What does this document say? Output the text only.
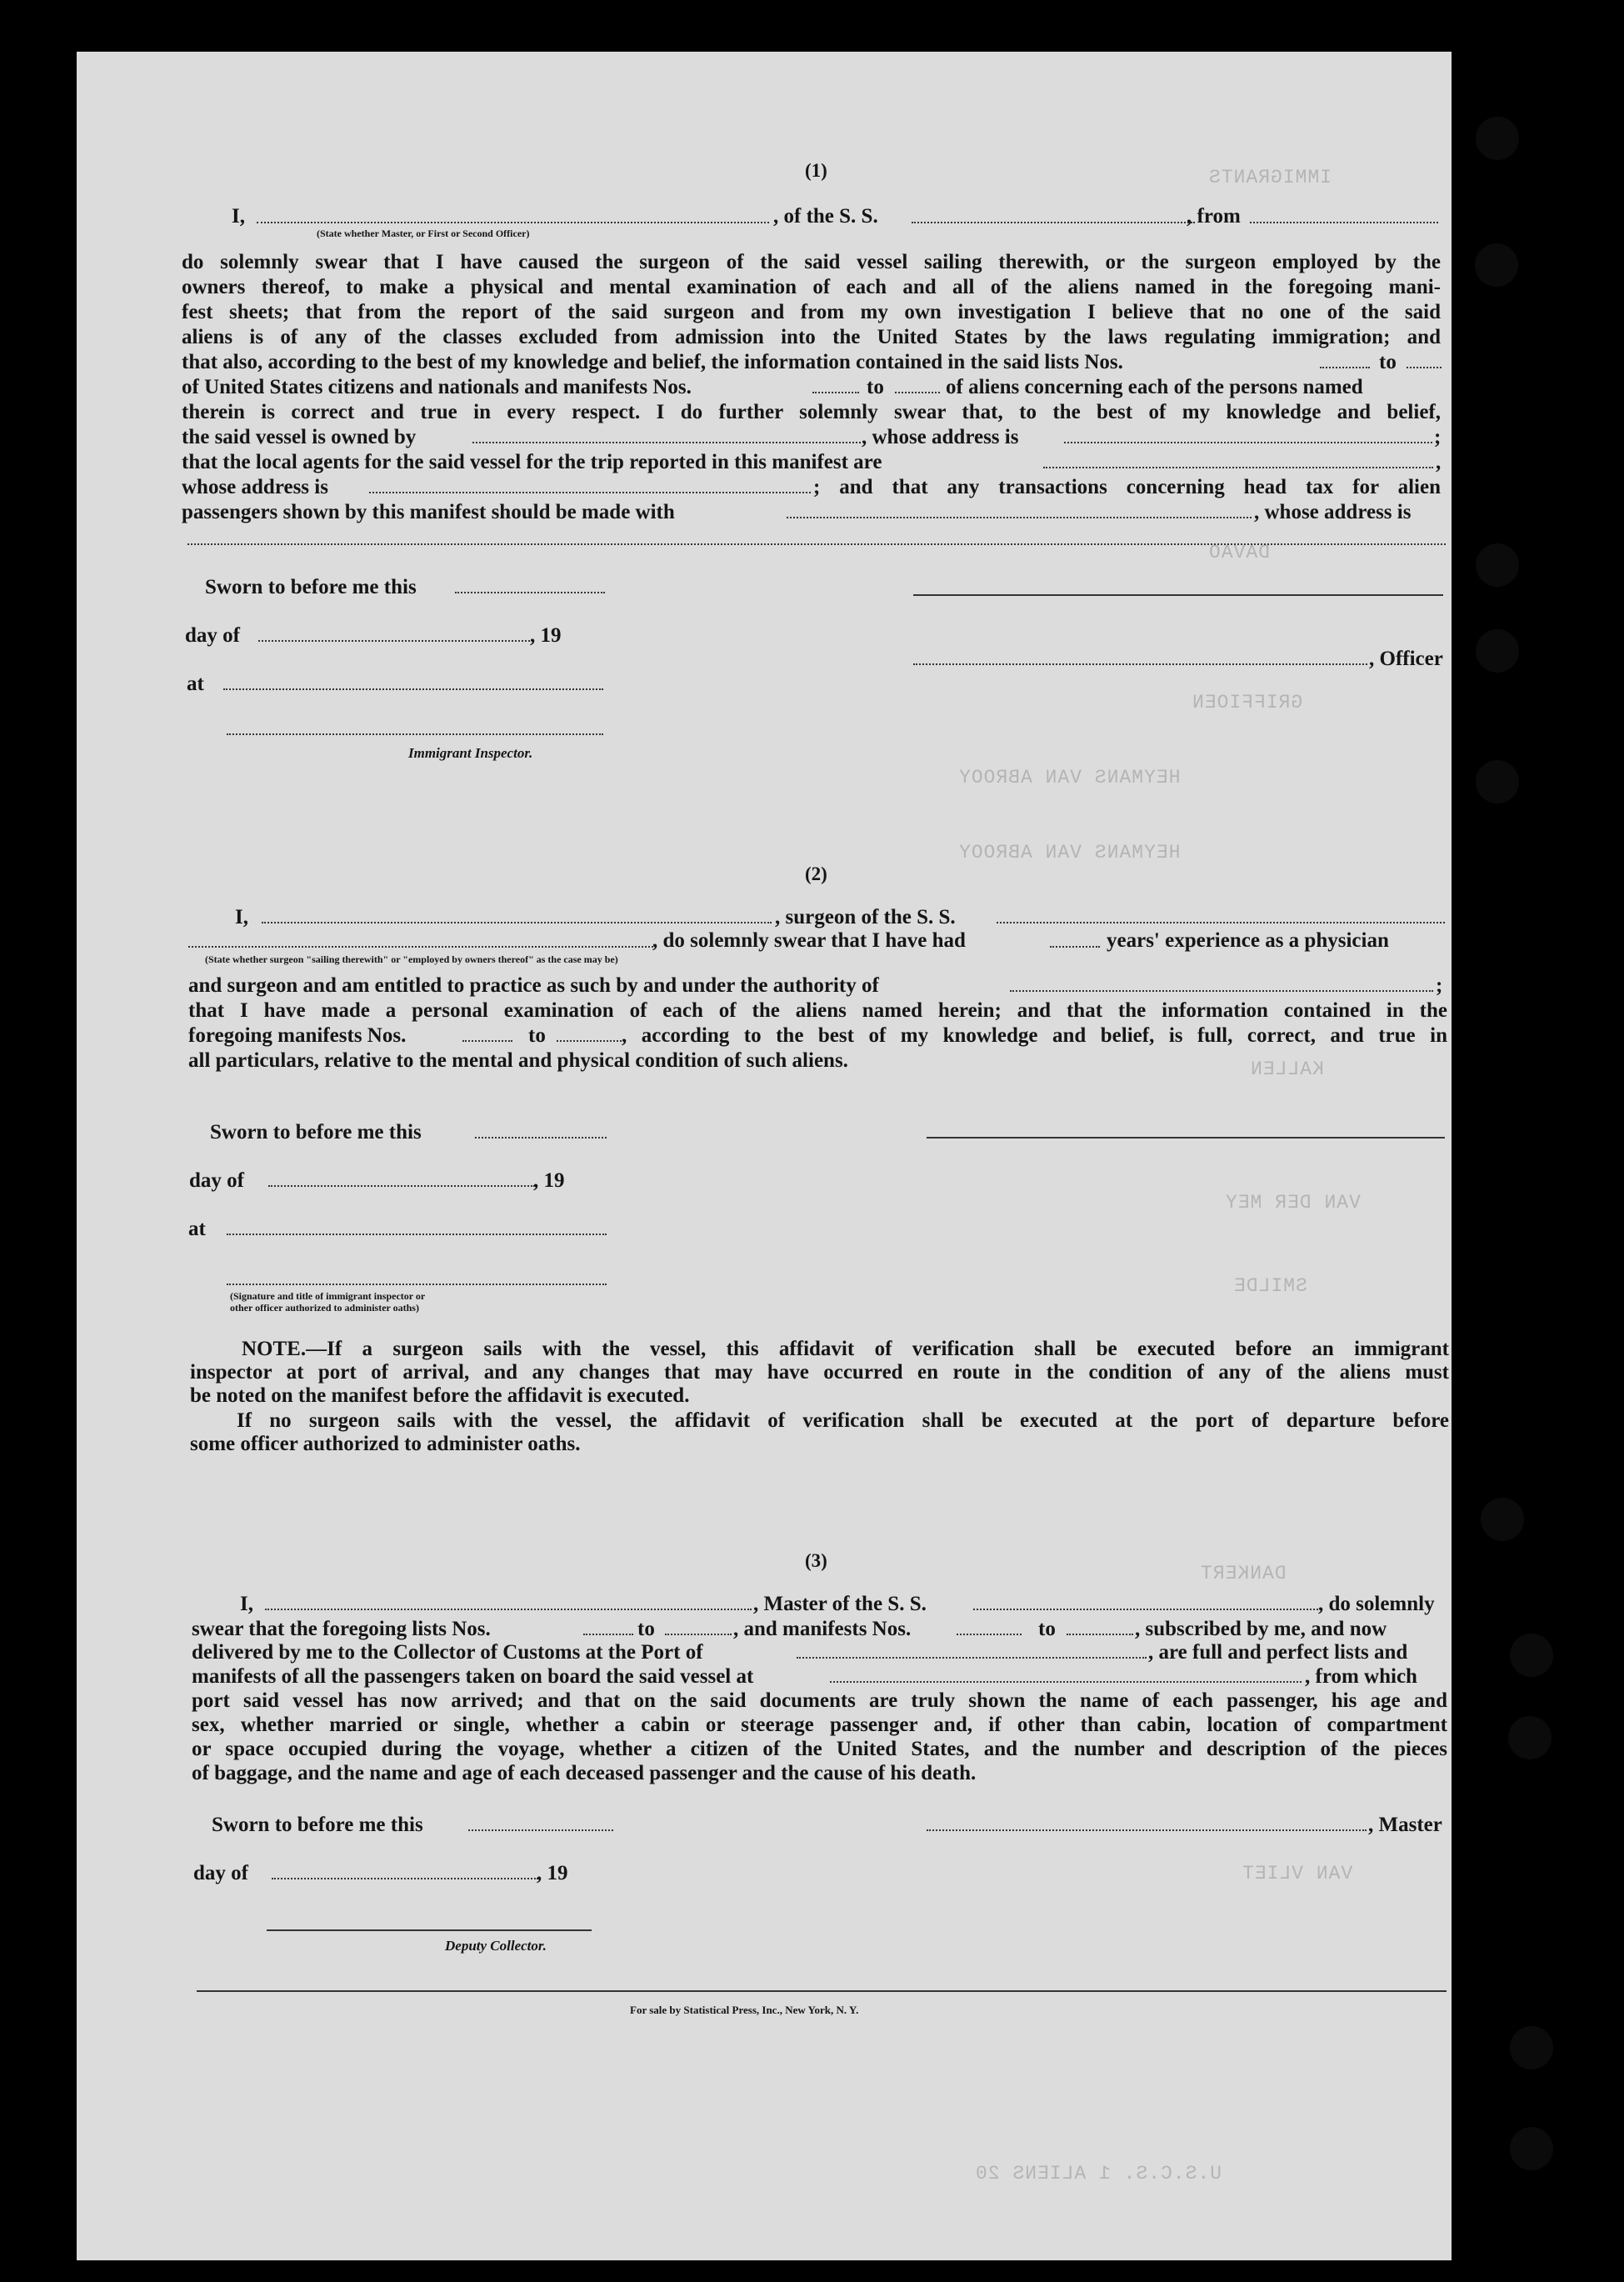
IMMIGRANTS
DAVAO
GRIFFIOEN
HEYMANS VAN ABROOY
HEYMANS VAN ABROOY
KALLEN
VAN DER MEY
SMILDE
DANKERT
VAN VLIET
U.S.C.S. 1 ALIENS 20
(1)
I,
(State whether Master, or First or Second Officer)
, of the S. S.	, from
do solemnly swear that I have caused the surgeon of the said vessel sailing therewith, or the surgeon employed by the
owners thereof, to make a physical and mental examination of each and all of the aliens named in the foregoing mani-
fest sheets; that from the report of the said surgeon and from my own investigation I believe that no one of the said
aliens is of any of the classes excluded from admission into the United States by the laws regulating immigration; and
that also, according to the best of my knowledge and belief, the information contained in the said lists Nos.	to
of United States citizens and nationals and manifests Nos.	to	of aliens concerning each of the persons named
therein is correct and true in every respect. I do further solemnly swear that, to the best of my knowledge and belief,
the said vessel is owned by	, whose address is	;
that the local agents for the said vessel for the trip reported in this manifest are	,
whose address is	; and that any transactions concerning head tax for alien
passengers shown by this manifest should be made with	, whose address is
Sworn to before me this
day of	, 19
, Officer
at
Immigrant Inspector.
(2)
I,	, surgeon of the S. S.
, do solemnly swear that I have had	years' experience as a physician
(State whether surgeon "sailing therewith" or "employed by owners thereof" as the case may be)
and surgeon and am entitled to practice as such by and under the authority of	;
that I have made a personal examination of each of the aliens named herein; and that the information contained in the
foregoing manifests Nos.	to	, according to the best of my knowledge and belief, is full, correct, and true in
all particulars, relative to the mental and physical condition of such aliens.
Sworn to before me this
day of	, 19
at
(Signature and title of immigrant inspector or
other officer authorized to administer oaths)
NOTE.—If a surgeon sails with the vessel, this affidavit of verification shall be executed before an immigrant
inspector at port of arrival, and any changes that may have occurred en route in the condition of any of the aliens must
be noted on the manifest before the affidavit is executed.
If no surgeon sails with the vessel, the affidavit of verification shall be executed at the port of departure before
some officer authorized to administer oaths.
(3)
I,	, Master of the S. S.	, do solemnly
swear that the foregoing lists Nos.	to	, and manifests Nos.	to	, subscribed by me, and now
delivered by me to the Collector of Customs at the Port of	, are full and perfect lists and
manifests of all the passengers taken on board the said vessel at	, from which
port said vessel has now arrived; and that on the said documents are truly shown the name of each passenger, his age and
sex, whether married or single, whether a cabin or steerage passenger and, if other than cabin, location of compartment
or space occupied during the voyage, whether a citizen of the United States, and the number and description of the pieces
of baggage, and the name and age of each deceased passenger and the cause of his death.
Sworn to before me this	, Master
day of	, 19
Deputy Collector.
For sale by Statistical Press, Inc., New York, N. Y.
